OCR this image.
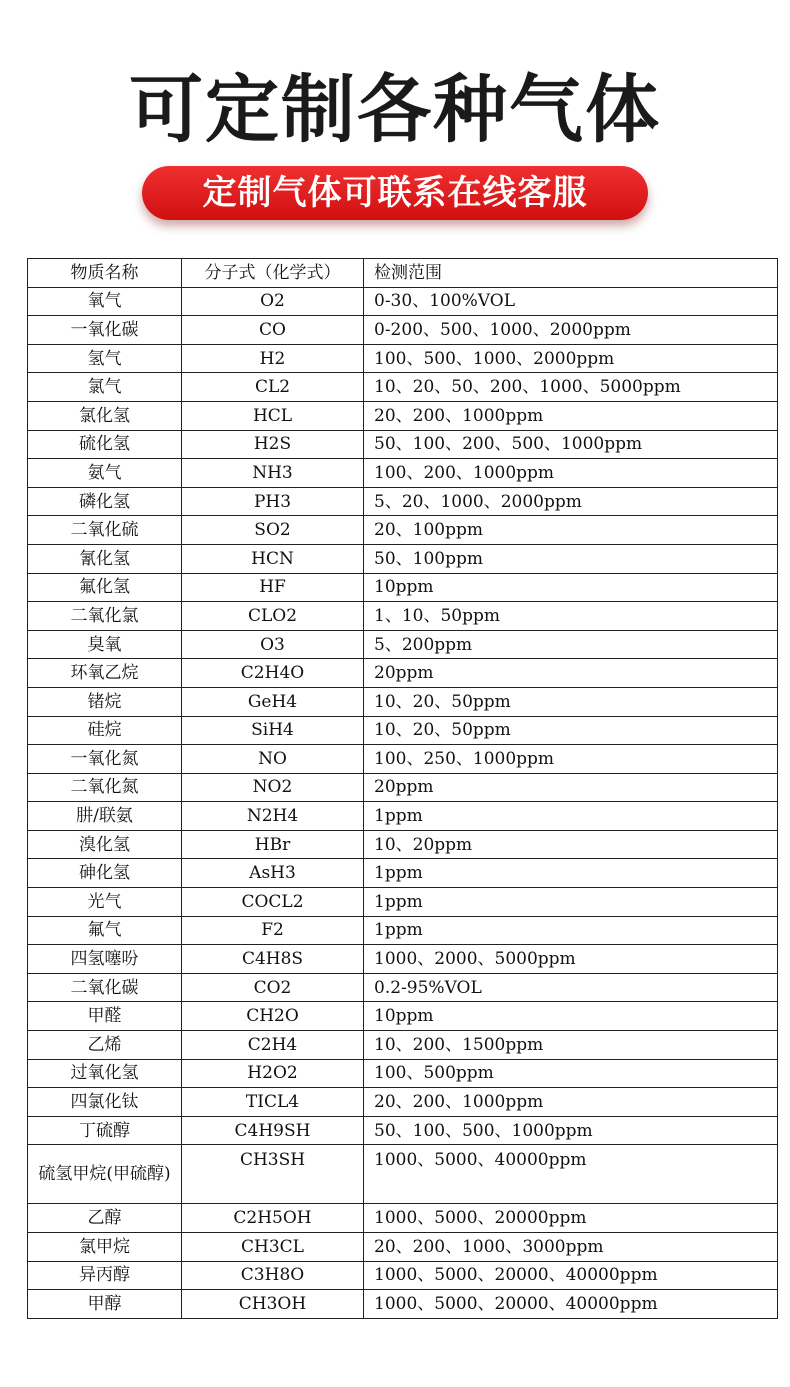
可定制各种气体
定制气体可联系在线客服
物质名称	分子式（化学式）	检测范围
氧气	O2	0-30、100%VOL
一氧化碳	CO	0-200、500、1000、2000ppm
氢气	H2	100、500、1000、2000ppm
氯气	CL2	10、20、50、200、1000、5000ppm
氯化氢	HCL	20、200、1000ppm
硫化氢	H2S	50、100、200、500、1000ppm
氨气	NH3	100、200、1000ppm
磷化氢	PH3	5、20、1000、2000ppm
二氧化硫	SO2	20、100ppm
氰化氢	HCN	50、100ppm
氟化氢	HF	10ppm
二氧化氯	CLO2	1、10、50ppm
臭氧	O3	5、200ppm
环氧乙烷	C2H4O	20ppm
锗烷	GeH4	10、20、50ppm
硅烷	SiH4	10、20、50ppm
一氧化氮	NO	100、250、1000ppm
二氧化氮	NO2	20ppm
肼/联氨	N2H4	1ppm
溴化氢	HBr	10、20ppm
砷化氢	AsH3	1ppm
光气	COCL2	1ppm
氟气	F2	1ppm
四氢噻吩	C4H8S	1000、2000、5000ppm
二氧化碳	CO2	0.2-95%VOL
甲醛	CH2O	10ppm
乙烯	C2H4	10、200、1500ppm
过氧化氢	H2O2	100、500ppm
四氯化钛	TICL4	20、200、1000ppm
丁硫醇	C4H9SH	50、100、500、1000ppm
硫氢甲烷(甲硫醇)	CH3SH	1000、5000、40000ppm
乙醇	C2H5OH	1000、5000、20000ppm
氯甲烷	CH3CL	20、200、1000、3000ppm
异丙醇	C3H8O	1000、5000、20000、40000ppm
甲醇	CH3OH	1000、5000、20000、40000ppm
